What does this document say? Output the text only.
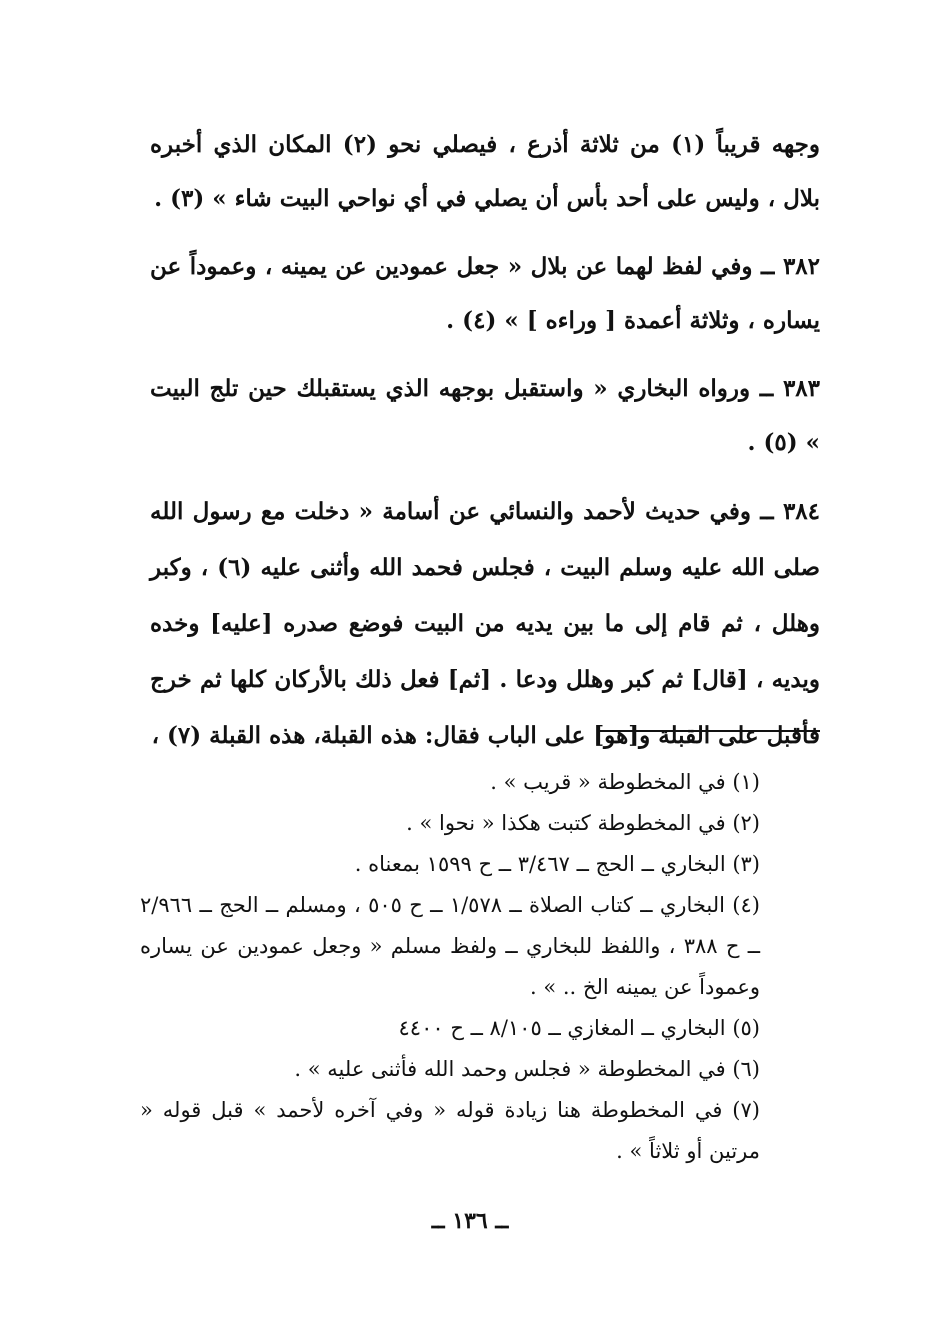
وجهه قريباً (١) من ثلاثة أذرع ، فيصلي نحو (٢) المكان الذي أخبره بلال ، وليس على أحد بأس أن يصلي في أي نواحي البيت شاء » (٣) .

٣٨٢ ــ وفي لفظ لهما عن بلال « جعل عمودين عن يمينه ، وعموداً عن يساره ، وثلاثة أعمدة [ وراءه ] » (٤) .

٣٨٣ ــ ورواه البخاري « واستقبل بوجهه الذي يستقبلك حين تلج البيت » (٥) .

٣٨٤ ــ وفي حديث لأحمد والنسائي عن أسامة « دخلت مع رسول الله صلى الله عليه وسلم البيت ، فجلس فحمد الله وأثنى عليه (٦) ، وكبر وهلل ، ثم قام إلى ما بين يديه من البيت فوضع صدره [عليه] وخده ويديه ، [قال] ثم كبر وهلل ودعا . [ثم] فعل ذلك بالأركان كلها ثم خرج فأقبل على القبلة و[هو] على الباب فقال: هذه القبلة، هذه القبلة (٧) ،

(١) في المخطوطة « قريب » .

(٢) في المخطوطة كتبت هكذا « نحوا » .

(٣) البخاري ــ الحج ــ ٣/٤٦٧ ــ ح ١٥٩٩ بمعناه .

(٤) البخاري ــ كتاب الصلاة ــ ١/٥٧٨ ــ ح ٥٠٥ ، ومسلم ــ الحج ــ ٢/٩٦٦ ــ ح ٣٨٨ ، واللفظ للبخاري ــ ولفظ مسلم « وجعل عمودين عن يساره وعموداً عن يمينه الخ .. » .

(٥) البخاري ــ المغازي ــ ٨/١٠٥ ــ ح ٤٤٠٠

(٦) في المخطوطة « فجلس وحمد الله فأثنى عليه » .

(٧) في المخطوطة هنا زيادة قوله « وفي آخره لأحمد » قبل قوله « مرتين أو ثلاثاً » .

ــ ١٣٦ ــ
